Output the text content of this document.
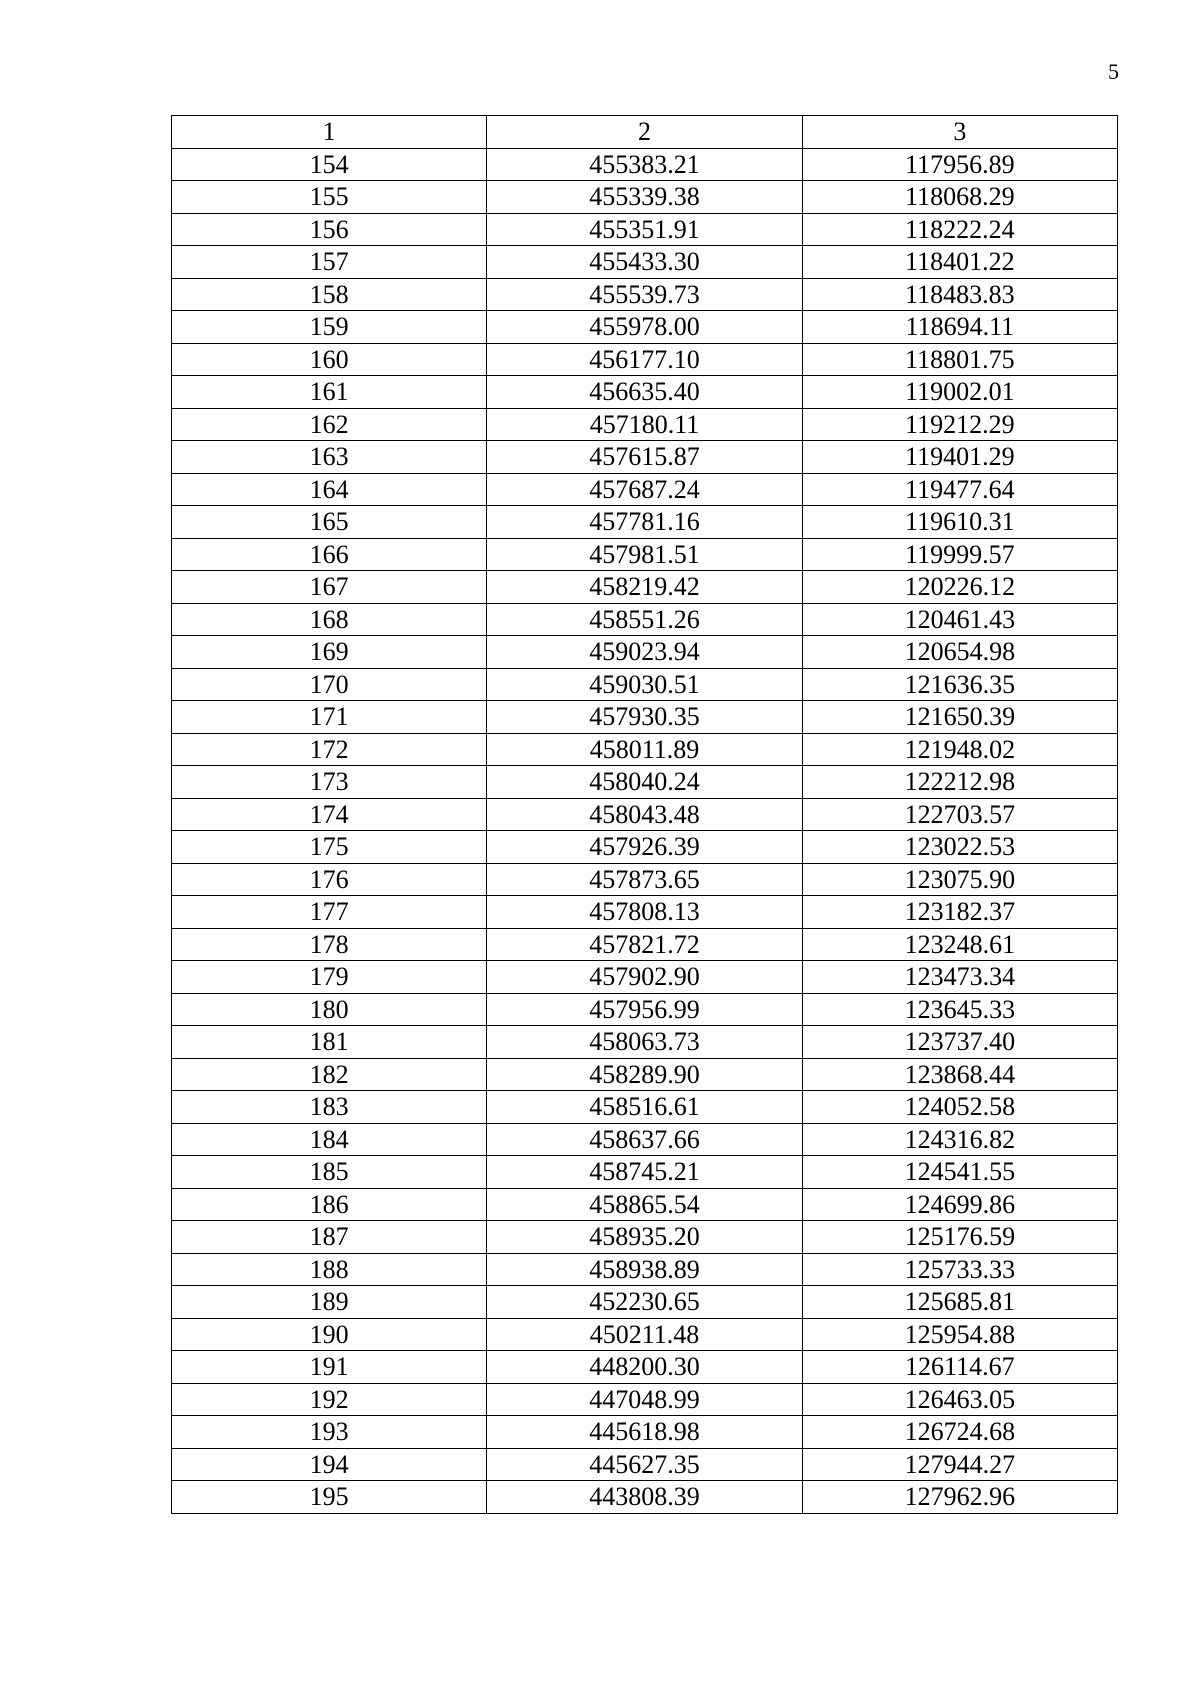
5
1	2	3
154	455383.21	117956.89
155	455339.38	118068.29
156	455351.91	118222.24
157	455433.30	118401.22
158	455539.73	118483.83
159	455978.00	118694.11
160	456177.10	118801.75
161	456635.40	119002.01
162	457180.11	119212.29
163	457615.87	119401.29
164	457687.24	119477.64
165	457781.16	119610.31
166	457981.51	119999.57
167	458219.42	120226.12
168	458551.26	120461.43
169	459023.94	120654.98
170	459030.51	121636.35
171	457930.35	121650.39
172	458011.89	121948.02
173	458040.24	122212.98
174	458043.48	122703.57
175	457926.39	123022.53
176	457873.65	123075.90
177	457808.13	123182.37
178	457821.72	123248.61
179	457902.90	123473.34
180	457956.99	123645.33
181	458063.73	123737.40
182	458289.90	123868.44
183	458516.61	124052.58
184	458637.66	124316.82
185	458745.21	124541.55
186	458865.54	124699.86
187	458935.20	125176.59
188	458938.89	125733.33
189	452230.65	125685.81
190	450211.48	125954.88
191	448200.30	126114.67
192	447048.99	126463.05
193	445618.98	126724.68
194	445627.35	127944.27
195	443808.39	127962.96
